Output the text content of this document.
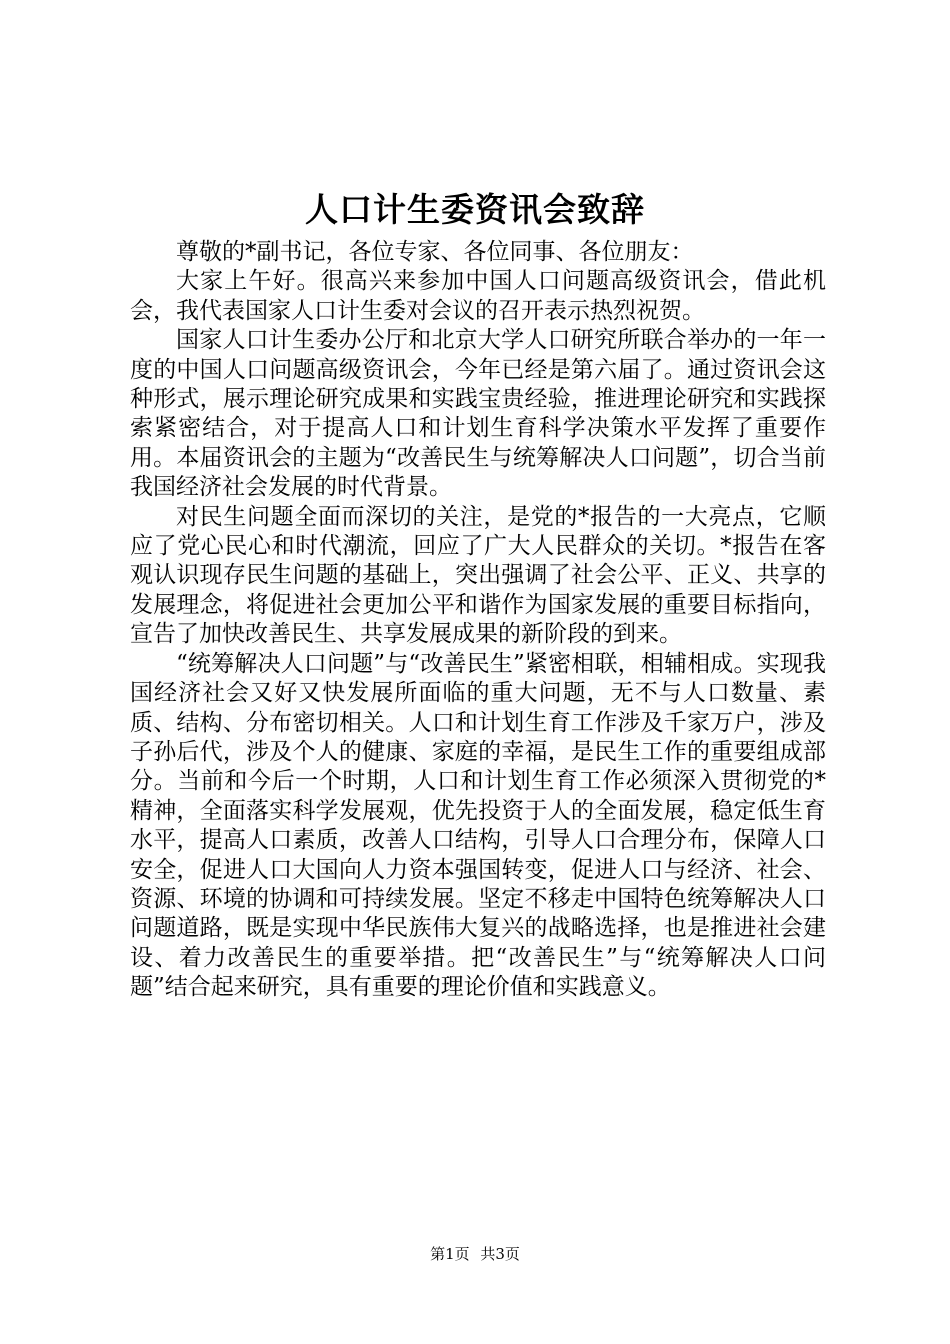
人口计生委资讯会致辞

尊敬的*副书记，各位专家、各位同事、各位朋友：

大家上午好。很高兴来参加中国人口问题高级资讯会，借此机会，我代表国家人口计生委对会议的召开表示热烈祝贺。

国家人口计生委办公厅和北京大学人口研究所联合举办的一年一度的中国人口问题高级资讯会，今年已经是第六届了。通过资讯会这种形式，展示理论研究成果和实践宝贵经验，推进理论研究和实践探索紧密结合，对于提高人口和计划生育科学决策水平发挥了重要作用。本届资讯会的主题为“改善民生与统筹解决人口问题”，切合当前我国经济社会发展的时代背景。

对民生问题全面而深切的关注，是党的*报告的一大亮点，它顺应了党心民心和时代潮流，回应了广大人民群众的关切。*报告在客观认识现存民生问题的基础上，突出强调了社会公平、正义、共享的发展理念，将促进社会更加公平和谐作为国家发展的重要目标指向，宣告了加快改善民生、共享发展成果的新阶段的到来。

“统筹解决人口问题”与“改善民生”紧密相联，相辅相成。实现我国经济社会又好又快发展所面临的重大问题，无不与人口数量、素质、结构、分布密切相关。人口和计划生育工作涉及千家万户，涉及子孙后代，涉及个人的健康、家庭的幸福，是民生工作的重要组成部分。当前和今后一个时期，人口和计划生育工作必须深入贯彻党的*精神，全面落实科学发展观，优先投资于人的全面发展，稳定低生育水平，提高人口素质，改善人口结构，引导人口合理分布，保障人口安全，促进人口大国向人力资本强国转变，促进人口与经济、社会、资源、环境的协调和可持续发展。坚定不移走中国特色统筹解决人口问题道路，既是实现中华民族伟大复兴的战略选择，也是推进社会建设、着力改善民生的重要举措。把“改善民生”与“统筹解决人口问题”结合起来研究，具有重要的理论价值和实践意义。

第1页 共3页
